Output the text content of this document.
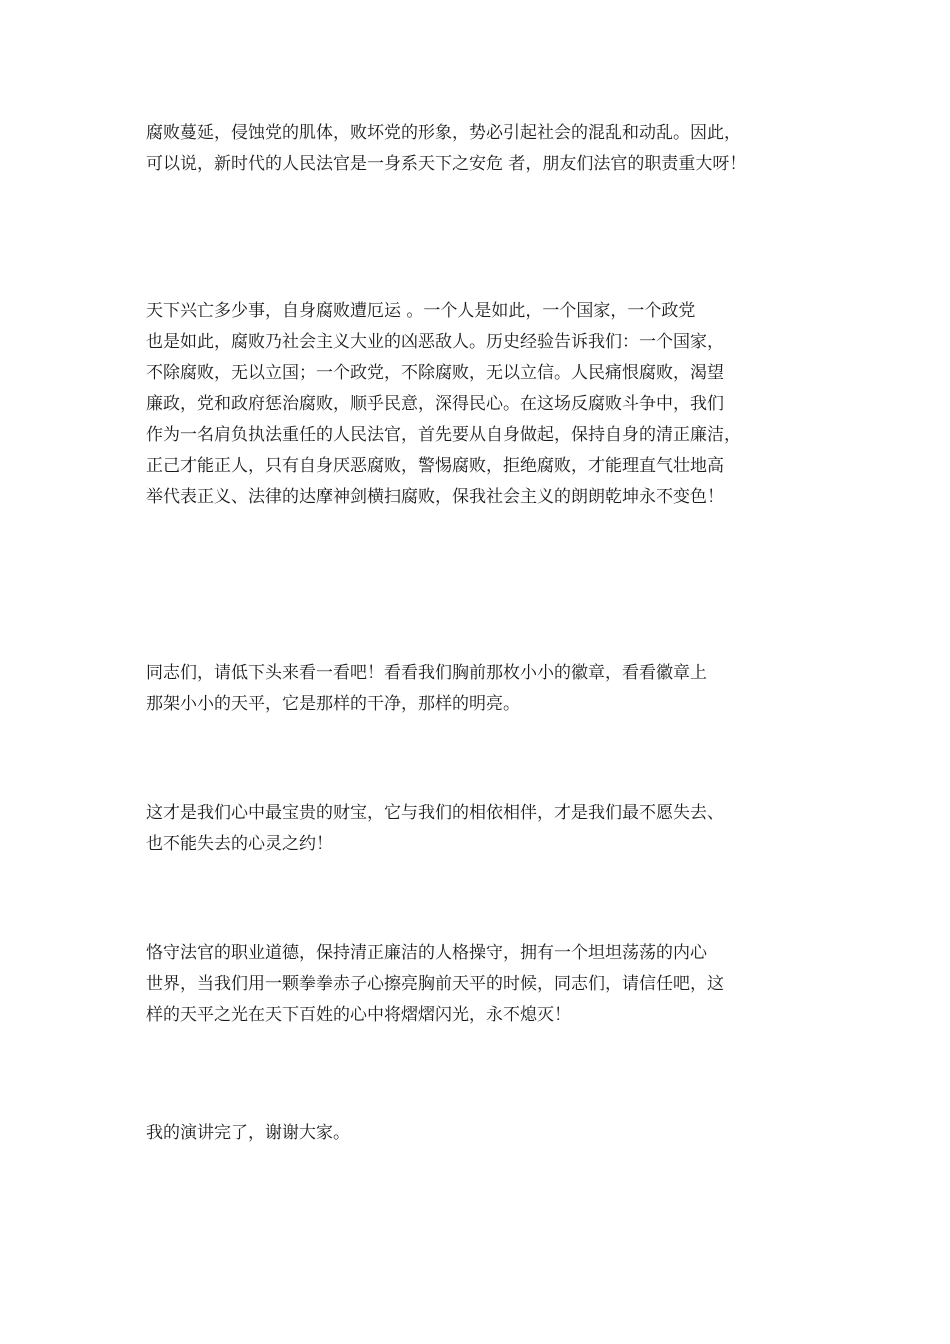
腐败蔓延，侵蚀党的肌体，败坏党的形象，势必引起社会的混乱和动乱。因此，
可以说，新时代的人民法官是一身系天下之安危 者，朋友们法官的职责重大呀！

天下兴亡多少事，自身腐败遭厄运 。一个人是如此，一个国家，一个政党
也是如此，腐败乃社会主义大业的凶恶敌人。历史经验告诉我们：一个国家，
不除腐败，无以立国；一个政党，不除腐败，无以立信。人民痛恨腐败，渴望
廉政，党和政府惩治腐败，顺乎民意，深得民心。在这场反腐败斗争中，我们
作为一名肩负执法重任的人民法官，首先要从自身做起，保持自身的清正廉洁，
正己才能正人，只有自身厌恶腐败，警惕腐败，拒绝腐败，才能理直气壮地高
举代表正义、法律的达摩神剑横扫腐败，保我社会主义的朗朗乾坤永不变色！

同志们，请低下头来看一看吧！看看我们胸前那枚小小的徽章，看看徽章上
那架小小的天平，它是那样的干净，那样的明亮。

这才是我们心中最宝贵的财宝，它与我们的相依相伴，才是我们最不愿失去、
也不能失去的心灵之约！

恪守法官的职业道德，保持清正廉洁的人格操守，拥有一个坦坦荡荡的内心
世界，当我们用一颗拳拳赤子心擦亮胸前天平的时候，同志们，请信任吧，这
样的天平之光在天下百姓的心中将熠熠闪光，永不熄灭！

我的演讲完了，谢谢大家。
